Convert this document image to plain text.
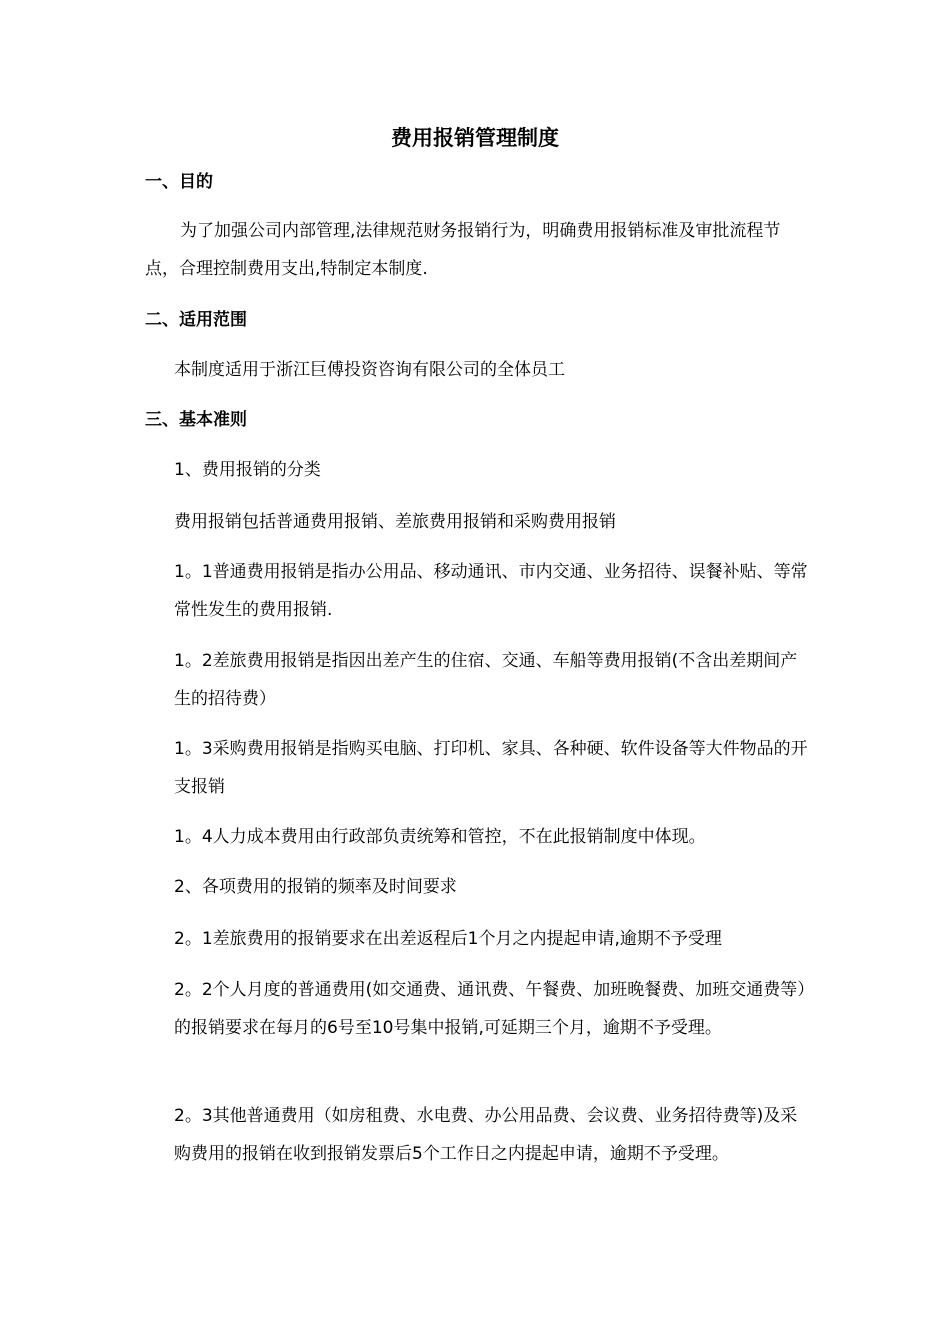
费用报销管理制度
一、目的
为了加强公司内部管理,法律规范财务报销行为，明确费用报销标准及审批流程节点，合理控制费用支出,特制定本制度.
二、适用范围
本制度适用于浙江巨傅投资咨询有限公司的全体员工
三、基本准则
1、费用报销的分类
费用报销包括普通费用报销、差旅费用报销和采购费用报销
1。1普通费用报销是指办公用品、移动通讯、市内交通、业务招待、误餐补贴、等常常性发生的费用报销.
1。2差旅费用报销是指因出差产生的住宿、交通、车船等费用报销(不含出差期间产生的招待费）
1。3采购费用报销是指购买电脑、打印机、家具、各种硬、软件设备等大件物品的开支报销
1。4人力成本费用由行政部负责统筹和管控，不在此报销制度中体现。
2、各项费用的报销的频率及时间要求
2。1差旅费用的报销要求在出差返程后1个月之内提起申请,逾期不予受理
2。2个人月度的普通费用(如交通费、通讯费、午餐费、加班晚餐费、加班交通费等）的报销要求在每月的6号至10号集中报销,可延期三个月，逾期不予受理。
2。3其他普通费用（如房租费、水电费、办公用品费、会议费、业务招待费等)及采购费用的报销在收到报销发票后5个工作日之内提起申请，逾期不予受理。
